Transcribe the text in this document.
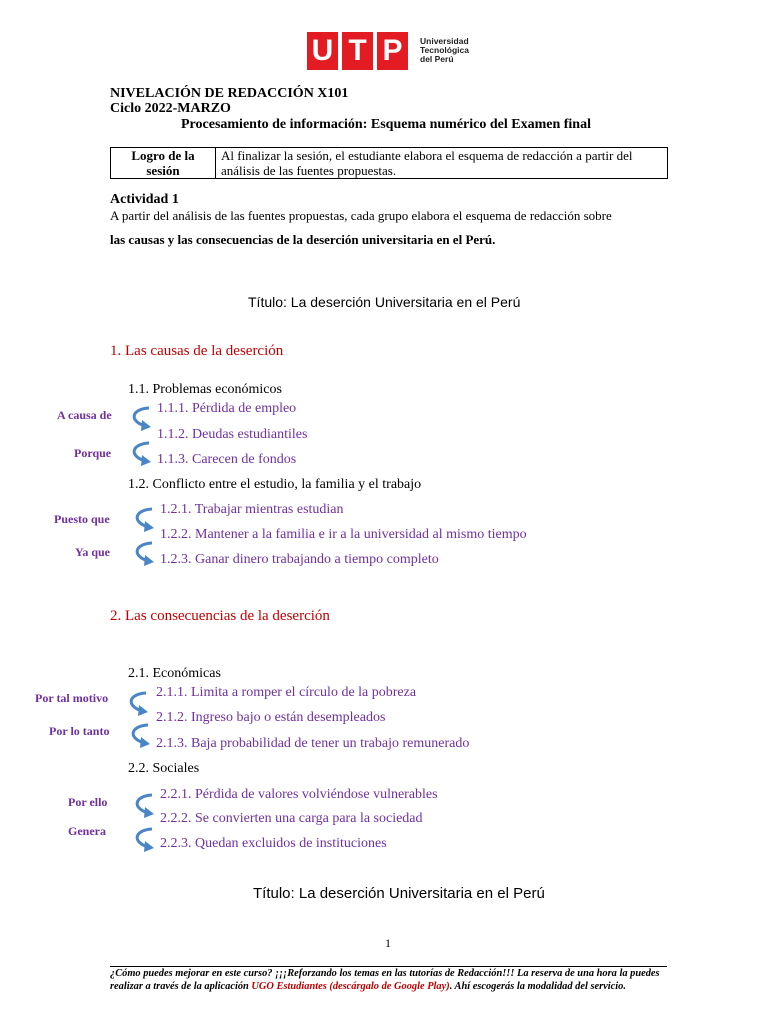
U T P	Universidad
Tecnológica
del Perú
NIVELACIÓN DE REDACCIÓN X101
Ciclo 2022-MARZO
Procesamiento de información: Esquema numérico del Examen final
Logro de la sesión	Al finalizar la sesión, el estudiante elabora el esquema de redacción a partir del análisis de las fuentes propuestas.
Actividad 1
A partir del análisis de las fuentes propuestas, cada grupo elabora el esquema de redacción sobre
las causas y las consecuencias de la deserción universitaria en el Perú.
Título: La deserción Universitaria en el Perú
1. Las causas de la deserción
1.1. Problemas económicos
1.1.1. Pérdida de empleo
1.1.2. Deudas estudiantiles
1.1.3. Carecen de fondos
A causa de
Porque
1.2. Conflicto entre el estudio, la familia y el trabajo
1.2.1. Trabajar mientras estudian
1.2.2. Mantener a la familia e ir a la universidad al mismo tiempo
1.2.3. Ganar dinero trabajando a tiempo completo
Puesto que
Ya que
2. Las consecuencias de la deserción
2.1. Económicas
2.1.1. Limita a romper el círculo de la pobreza
2.1.2. Ingreso bajo o están desempleados
2.1.3. Baja probabilidad de tener un trabajo remunerado
Por tal motivo
Por lo tanto
2.2. Sociales
2.2.1. Pérdida de valores volviéndose vulnerables
2.2.2. Se convierten una carga para la sociedad
2.2.3. Quedan excluidos de instituciones
Por ello
Genera
Título: La deserción Universitaria en el Perú
1
¿Cómo puedes mejorar en este curso? ¡¡¡Reforzando los temas en las tutorías de Redacción!!! La reserva de una hora la puedes realizar a través de la aplicación UGO Estudiantes (descárgalo de Google Play). Ahí escogerás la modalidad del servicio.
